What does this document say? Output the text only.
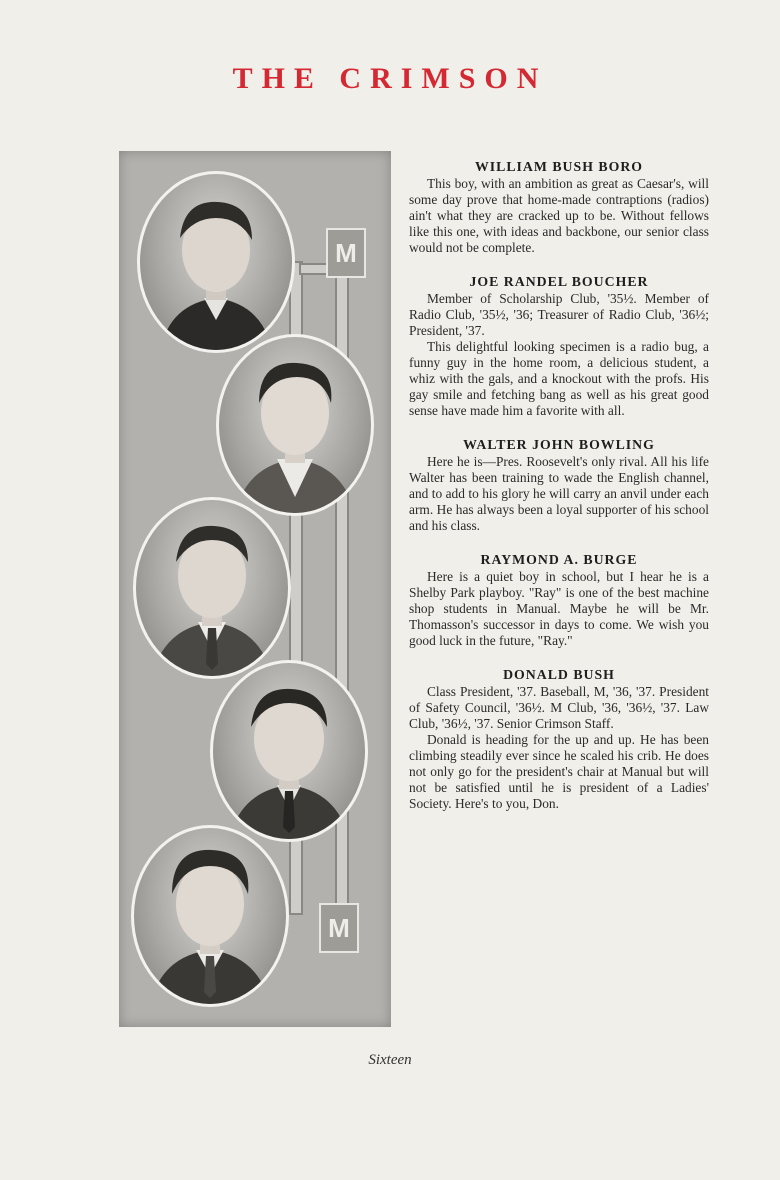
THE CRIMSON
M
M
WILLIAM BUSH BORO

This boy, with an ambition as great as Caesar's, will some day prove that home-made contraptions (radios) ain't what they are cracked up to be. Without fellows like this one, with ideas and backbone, our senior class would not be complete.

JOE RANDEL BOUCHER

Member of Scholarship Club, '35½. Member of Radio Club, '35½, '36; Treasurer of Radio Club, '36½; President, '37.

This delightful looking specimen is a radio bug, a funny guy in the home room, a delicious student, a whiz with the gals, and a knockout with the profs. His gay smile and fetching bang as well as his great good sense have made him a favorite with all.

WALTER JOHN BOWLING

Here he is—Pres. Roosevelt's only rival. All his life Walter has been training to wade the English channel, and to add to his glory he will carry an anvil under each arm. He has always been a loyal supporter of his school and his class.

RAYMOND A. BURGE

Here is a quiet boy in school, but I hear he is a Shelby Park playboy. "Ray" is one of the best machine shop students in Manual. Maybe he will be Mr. Thomasson's successor in days to come. We wish you good luck in the future, "Ray."

DONALD BUSH

Class President, '37. Baseball, M, '36, '37. President of Safety Council, '36½. M Club, '36, '36½, '37. Law Club, '36½, '37. Senior Crimson Staff.

Donald is heading for the up and up. He has been climbing steadily ever since he scaled his crib. He does not only go for the president's chair at Manual but will not be satisfied until he is president of a Ladies' Society. Here's to you, Don.

Sixteen
